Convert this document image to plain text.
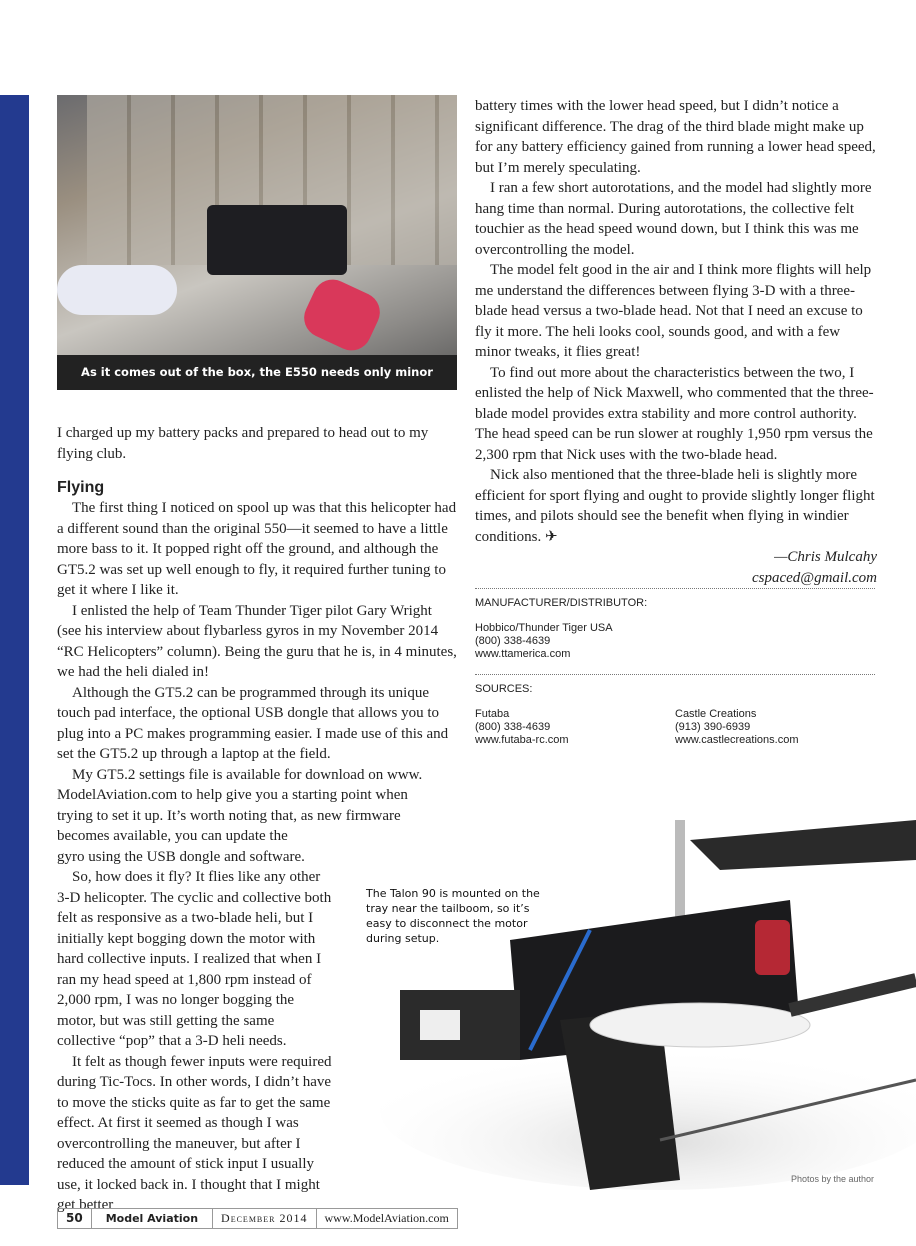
As it comes out of the box, the E550 needs only minor assembly.

I charged up my battery packs and prepared to head out to my flying club.

Flying

The first thing I noticed on spool up was that this helicopter had a different sound than the original 550—it seemed to have a little more bass to it. It popped right off the ground, and although the GT5.2 was set up well enough to fly, it required further tuning to get it where I like it.

I enlisted the help of Team Thunder Tiger pilot Gary Wright (see his interview about flybarless gyros in my November 2014 “RC Helicopters” column). Being the guru that he is, in 4 minutes, we had the heli dialed in!

Although the GT5.2 can be programmed through its unique touch pad interface, the optional USB dongle that allows you to plug into a PC makes programming easier. I made use of this and set the GT5.2 up through a laptop at the field.

My GT5.2 settings file is available for download on www. ModelAviation.com to help give you a starting point when trying to set it up. It’s worth noting that, as new firmware becomes available, you can update the

gyro using the USB dongle and software.

So, how does it fly? It flies like any other 3-D helicopter. The cyclic and collective both felt as responsive as a two-blade heli, but I initially kept bogging down the motor with hard collective inputs. I realized that when I ran my head speed at 1,800 rpm instead of 2,000 rpm, I was no longer bogging the motor, but was still getting the same collective “pop” that a 3-D heli needs.

It felt as though fewer inputs were required during Tic-Tocs. In other words, I didn’t have to move the sticks quite as far to get the same effect. At first it seemed as though I was overcontrolling the maneuver, but after I reduced the amount of stick input I usually use, it locked back in. I thought that I might get better

battery times with the lower head speed, but I didn’t notice a significant difference. The drag of the third blade might make up for any battery efficiency gained from running a lower head speed, but I’m merely speculating.

I ran a few short autorotations, and the model had slightly more hang time than normal. During autorotations, the collective felt touchier as the head speed wound down, but I think this was me overcontrolling the model.

The model felt good in the air and I think more flights will help me understand the differences between flying 3-D with a three-blade head versus a two-blade head. Not that I need an excuse to fly it more. The heli looks cool, sounds good, and with a few minor tweaks, it flies great!

To find out more about the characteristics between the two, I enlisted the help of Nick Maxwell, who commented that the three-blade model provides extra stability and more control authority. The head speed can be run slower at roughly 1,950 rpm versus the 2,300 rpm that Nick uses with the two-blade head.

Nick also mentioned that the three-blade heli is slightly more efficient for sport flying and ought to provide slightly longer flight times, and pilots should see the benefit when flying in windier conditions. ✈

—Chris Mulcahy
cspaced@gmail.com
MANUFACTURER/DISTRIBUTOR:
Hobbico/Thunder Tiger USA
(800) 338-4639
www.ttamerica.com
SOURCES:
Futaba
(800) 338-4639
www.futaba-rc.com
Castle Creations
(913) 390-6939
www.castlecreations.com
The Talon 90 is mounted on the tray near the tailboom, so it’s easy to disconnect the motor during setup.
Photos by the author
50	Model Aviation	December 2014	www.ModelAviation.com
